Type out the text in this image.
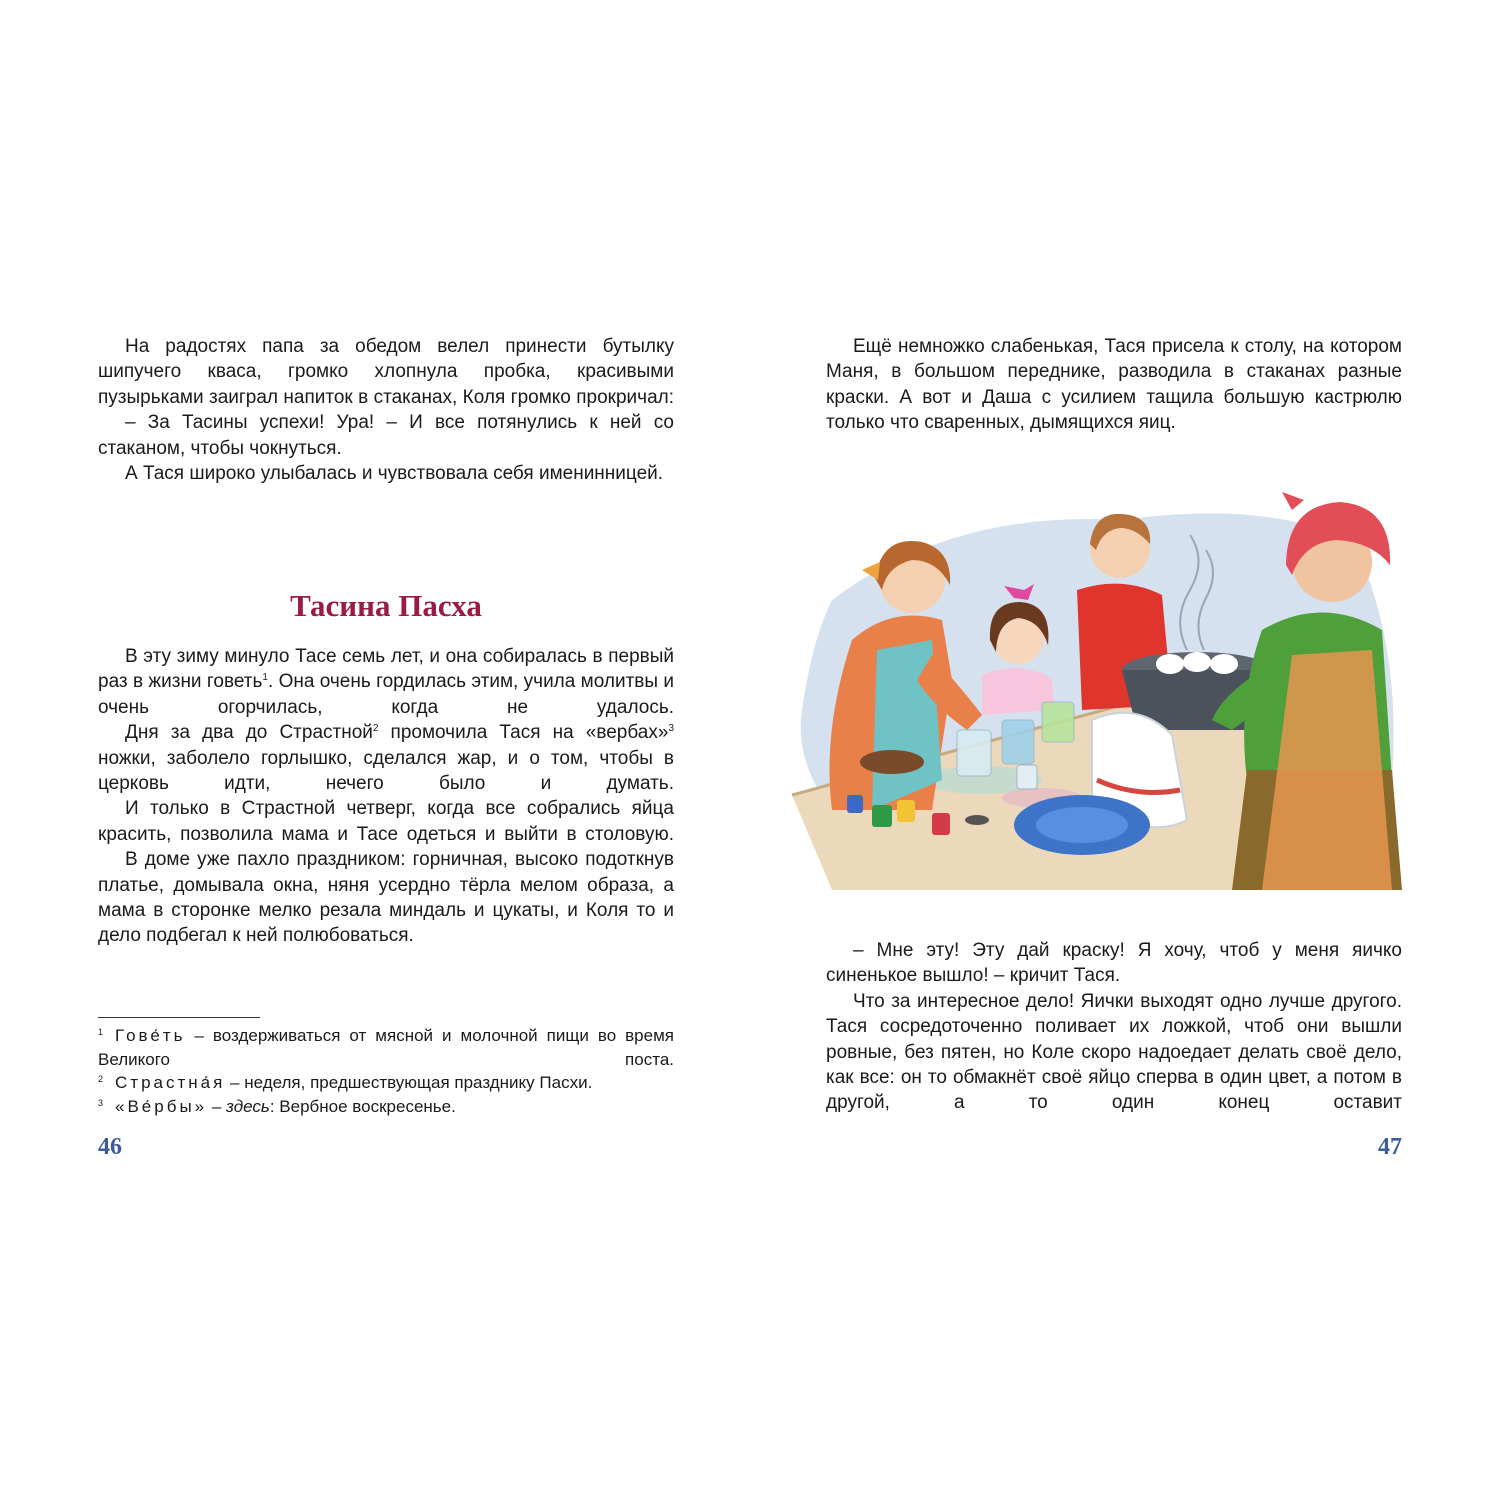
На радостях папа за обедом велел принести бутылку шипучего кваса, громко хлопнула пробка, красивыми пузырьками заиграл напиток в стаканах, Коля громко прокричал:

– За Тасины успехи! Ура! – И все потянулись к ней со стаканом, чтобы чокнуться.

А Тася широко улыбалась и чувствовала себя именинницей.

Тасина Пасха

В эту зиму минуло Тасе семь лет, и она собиралась в первый раз в жизни говеть$^1$. Она очень гордилась этим, учила молитвы и очень огорчилась, когда не удалось.

Дня за два до Страстной$^2$ промочила Тася на «вербах»$^3$ ножки, заболело горлышко, сделался жар, и о том, чтобы в церковь идти, нечего было и думать.

И только в Страстной четверг, когда все собрались яйца красить, позволила мама и Тасе одеться и выйти в столовую.

В доме уже пахло праздником: горничная, высоко подоткнув платье, домывала окна, няня усердно тёрла мелом образа, а мама в сторонке мелко резала миндаль и цукаты, и Коля то и дело подбегал к ней полюбоваться.

$^1$ Гове́ть – воздерживаться от мясной и молочной пищи во время Великого поста.

$^2$ Страстна́я – неделя, предшествующая празднику Пасхи.

$^3$ «Ве́рбы» – здесь: Вербное воскресенье.

46

Ещё немножко слабенькая, Тася присела к столу, на котором Маня, в большом переднике, разводила в стаканах разные краски. А вот и Даша с усилием тащила большую кастрюлю только что сваренных, дымящихся яиц.

– Мне эту! Эту дай краску! Я хочу, чтоб у меня яичко синенькое вышло! – кричит Тася.

Что за интересное дело! Яички выходят одно лучше другого. Тася сосредоточенно поливает их ложкой, чтоб они вышли ровные, без пятен, но Коле скоро надоедает делать своё дело, как все: он то обмакнёт своё яйцо сперва в один цвет, а потом в другой, а то один конец оставит

47
